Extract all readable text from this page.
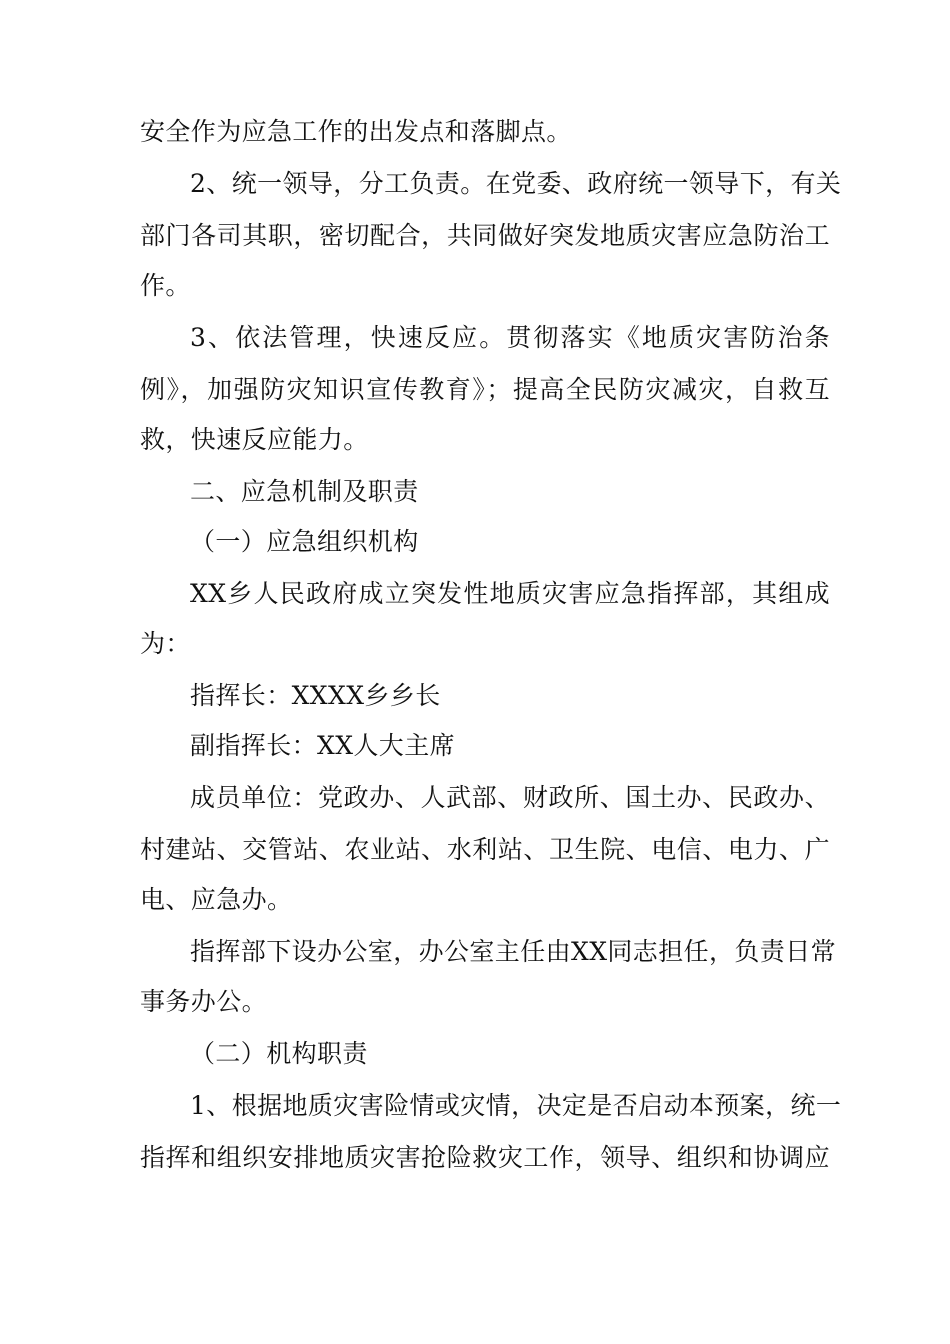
安全作为应急工作的出发点和落脚点。
2、统一领导，分工负责。在党委、政府统一领导下，有关
部门各司其职，密切配合，共同做好突发地质灾害应急防治工
作。
3、依法管理，快速反应。贯彻落实《地质灾害防治条
例》，加强防灾知识宣传教育》；提高全民防灾减灾，自救互
救，快速反应能力。
二、应急机制及职责
（一）应急组织机构
XX乡人民政府成立突发性地质灾害应急指挥部，其组成
为：
指挥长：XXXX乡乡长
副指挥长：XX人大主席
成员单位：党政办、人武部、财政所、国土办、民政办、
村建站、交管站、农业站、水利站、卫生院、电信、电力、广
电、应急办。
指挥部下设办公室，办公室主任由XX同志担任，负责日常
事务办公。
（二）机构职责
1、根据地质灾害险情或灾情，决定是否启动本预案，统一
指挥和组织安排地质灾害抢险救灾工作，领导、组织和协调应
